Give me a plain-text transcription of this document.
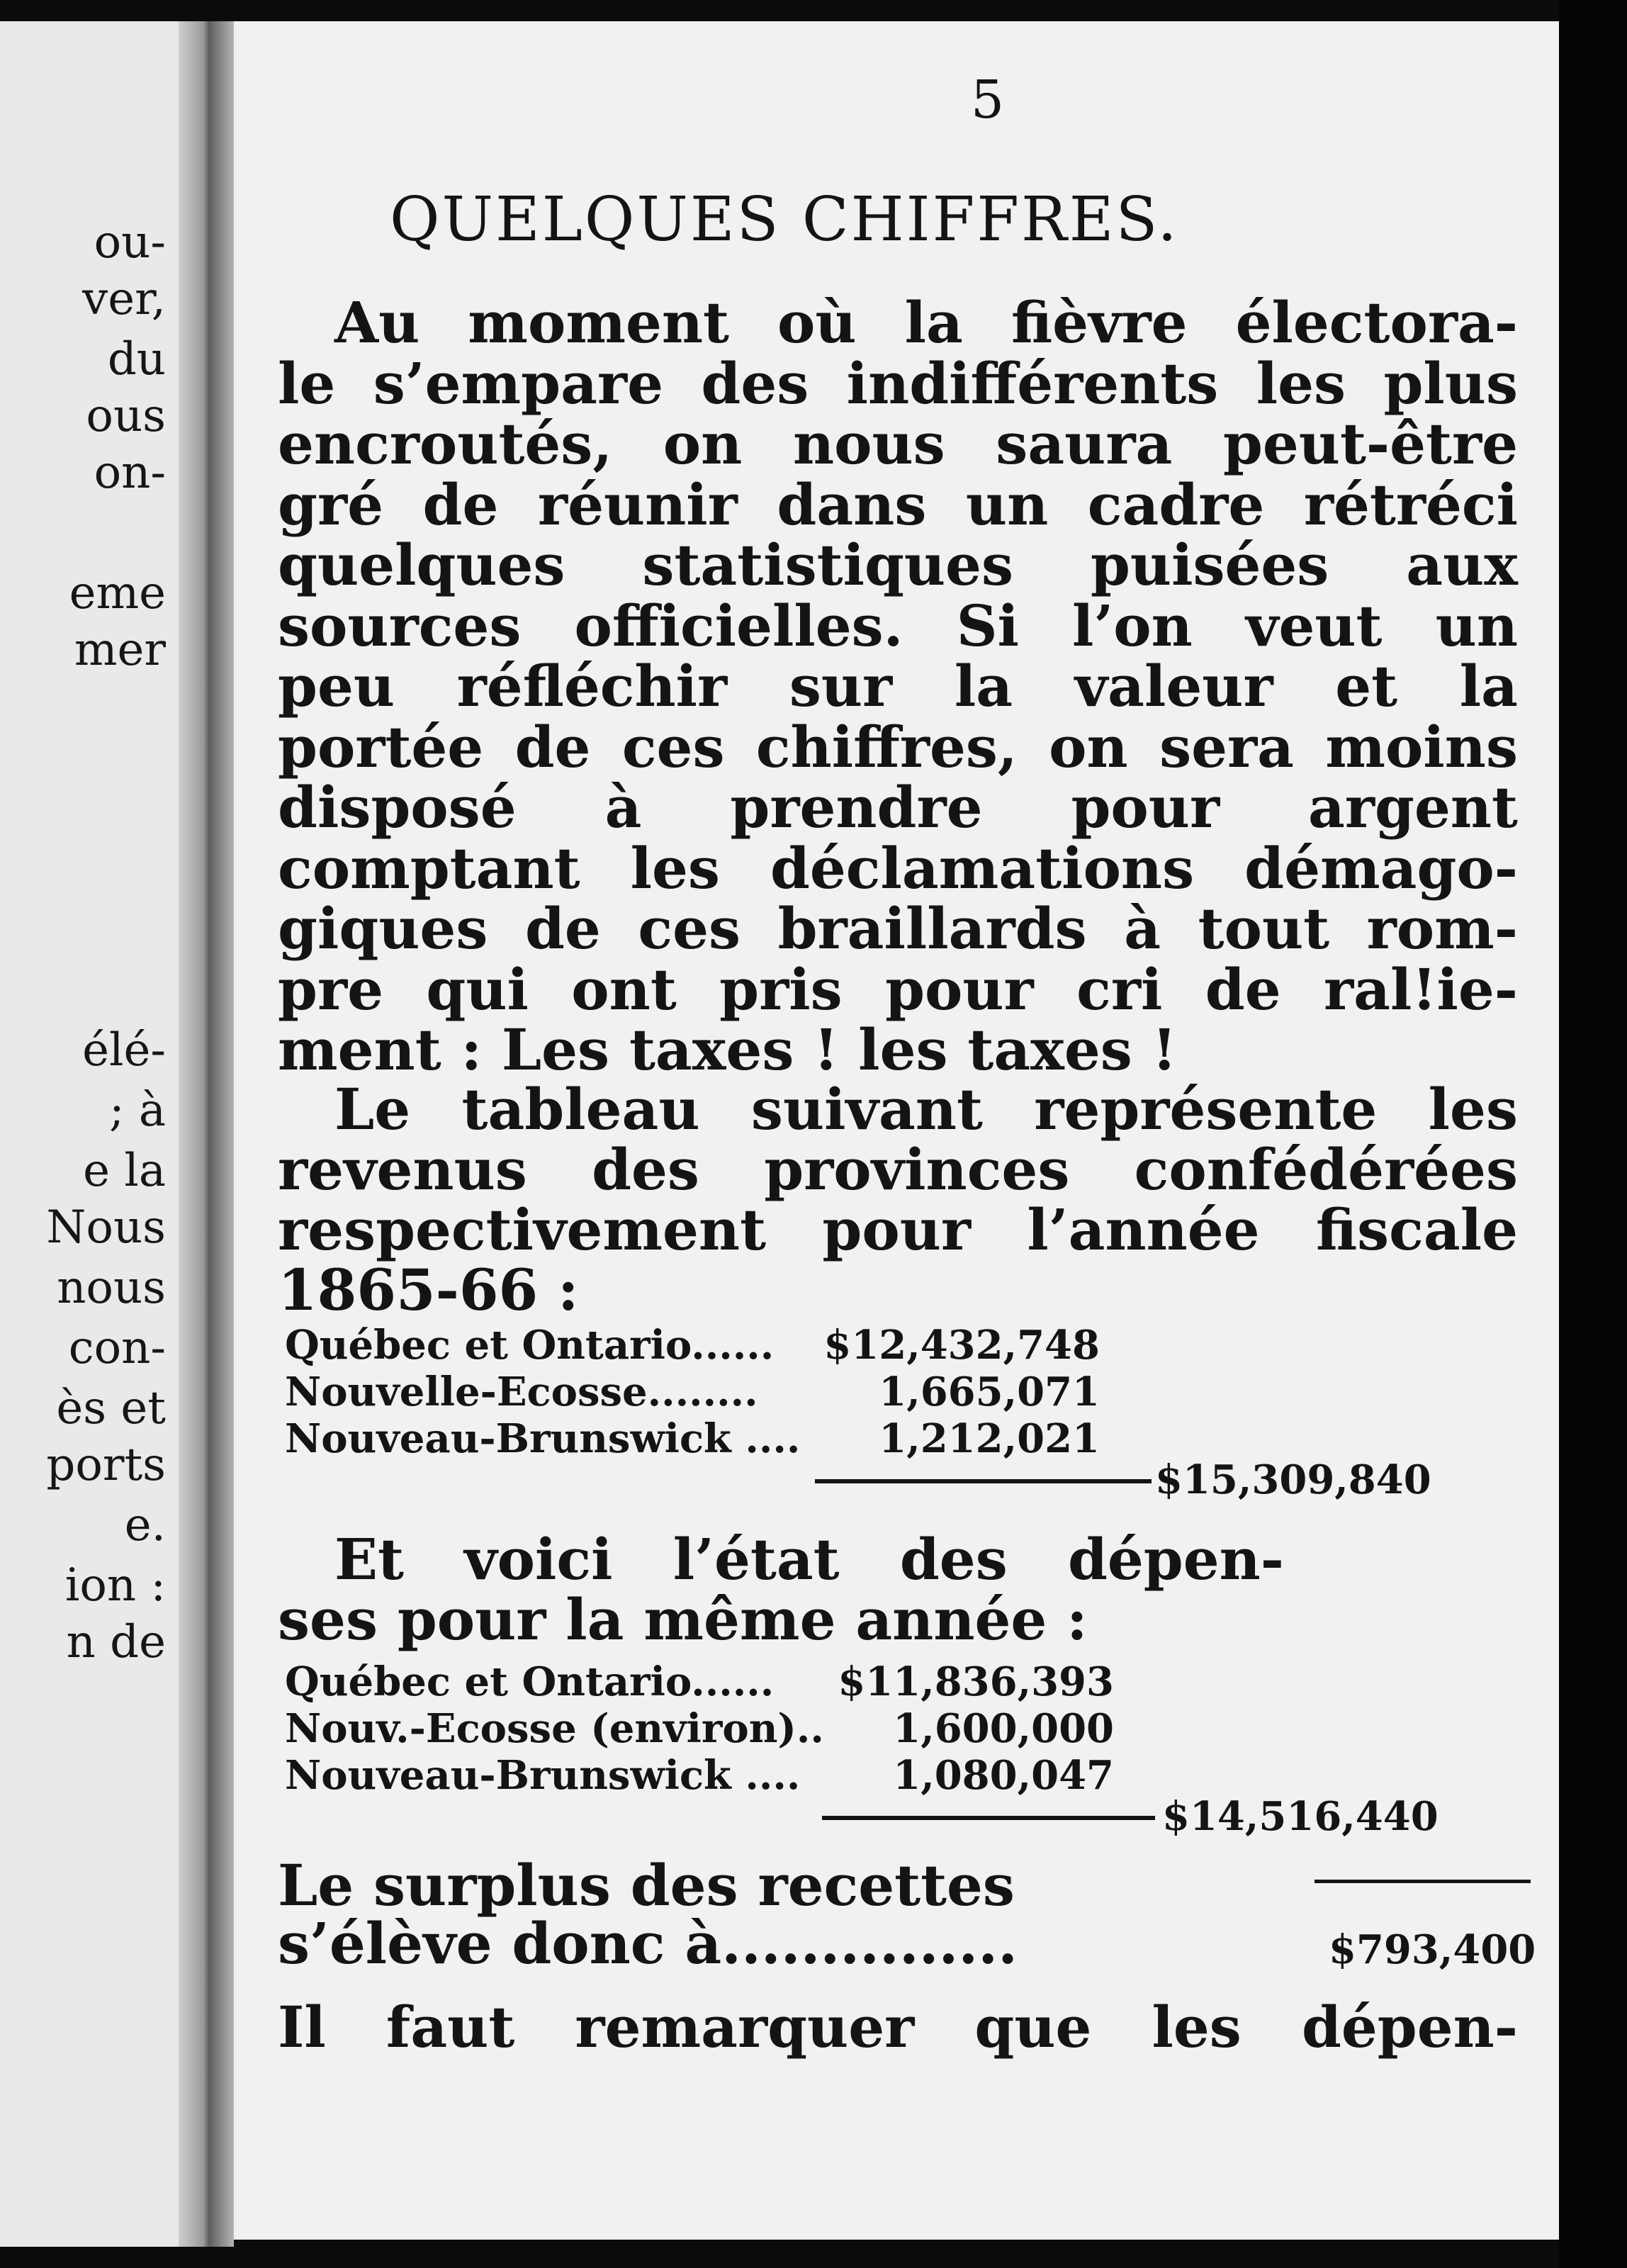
ou-
ver,
du
ous
on-
eme
mer
élé-
; à
e la
Nous
nous
con-
ès et
ports
e.
ion :
n de
5
QUELQUES CHIFFRES.
Au moment où la fièvre électora-
le s’empare des indifférents les plus
encroutés, on nous saura peut-être
gré de réunir dans un cadre rétréci
quelques statistiques puisées aux
sources officielles. Si l’on veut un
peu réfléchir sur la valeur et la
portée de ces chiffres, on sera moins
disposé à prendre pour argent
comptant les déclamations démago-
giques de ces braillards à tout rom-
pre qui ont pris pour cri de ral!ie-
ment : Les taxes ! les taxes !
Le tableau suivant représente les
revenus des provinces confédérées
respectivement pour l’année fiscale
1865-66 :
Québec et Ontario...... $12,432,748
Nouvelle-Ecosse........	1,665,071
Nouveau-Brunswick .... 1,212,021
$15,309,840
Et voici l’état des dépen-
ses pour la même année :
Québec et Ontario...... $11,836,393
Nouv.-Ecosse (environ).. 1,600,000
Nouveau-Brunswick .... 1,080,047
$14,516,440
Le surplus des recettes
s’élève donc à...............	$793,400
Il faut remarquer que les dépen-
